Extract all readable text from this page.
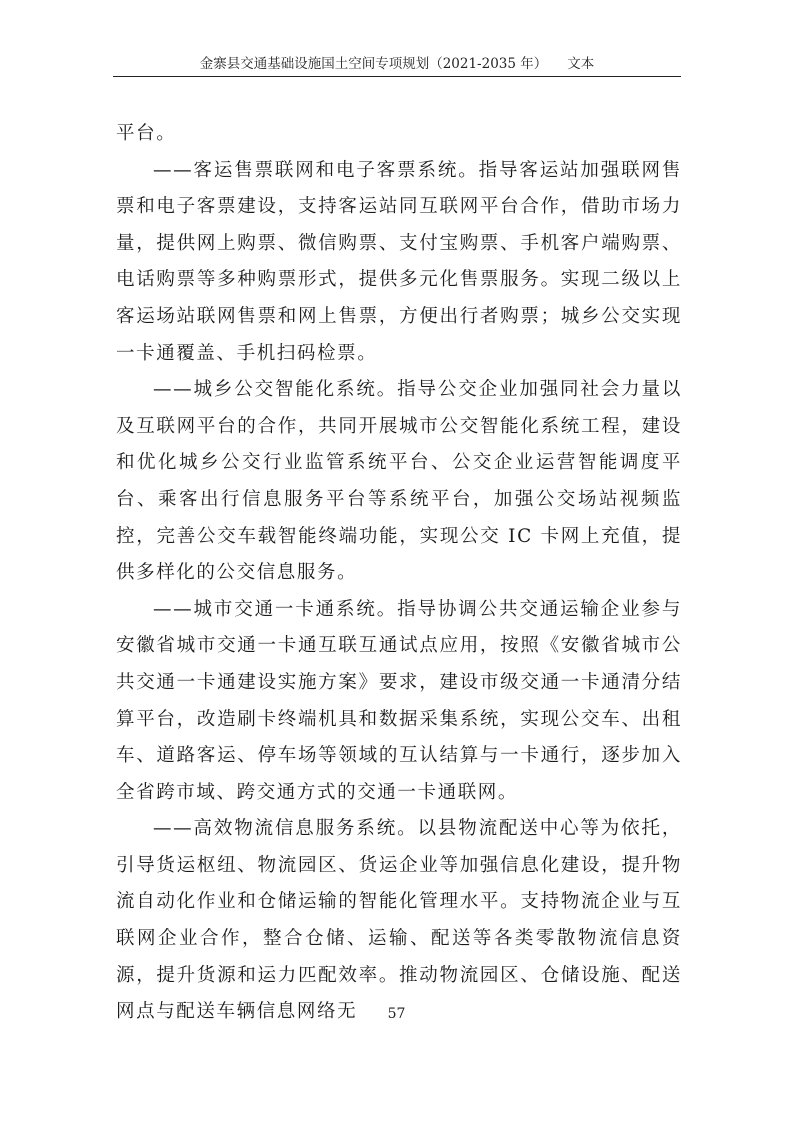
金寨县交通基础设施国土空间专项规划（2021-2035 年） 文本

平台。

——客运售票联网和电子客票系统。指导客运站加强联网售票和电子客票建设，支持客运站同互联网平台合作，借助市场力量，提供网上购票、微信购票、支付宝购票、手机客户端购票、电话购票等多种购票形式，提供多元化售票服务。实现二级以上客运场站联网售票和网上售票，方便出行者购票；城乡公交实现一卡通覆盖、手机扫码检票。

——城乡公交智能化系统。指导公交企业加强同社会力量以及互联网平台的合作，共同开展城市公交智能化系统工程，建设和优化城乡公交行业监管系统平台、公交企业运营智能调度平台、乘客出行信息服务平台等系统平台，加强公交场站视频监控，完善公交车载智能终端功能，实现公交 IC 卡网上充值，提供多样化的公交信息服务。

——城市交通一卡通系统。指导协调公共交通运输企业参与安徽省城市交通一卡通互联互通试点应用，按照《安徽省城市公共交通一卡通建设实施方案》要求，建设市级交通一卡通清分结算平台，改造刷卡终端机具和数据采集系统，实现公交车、出租车、道路客运、停车场等领域的互认结算与一卡通行，逐步加入全省跨市域、跨交通方式的交通一卡通联网。

——高效物流信息服务系统。以县物流配送中心等为依托，引导货运枢纽、物流园区、货运企业等加强信息化建设，提升物流自动化作业和仓储运输的智能化管理水平。支持物流企业与互联网企业合作，整合仓储、运输、配送等各类零散物流信息资源，提升货源和运力匹配效率。推动物流园区、仓储设施、配送网点与配送车辆信息网络无	57
